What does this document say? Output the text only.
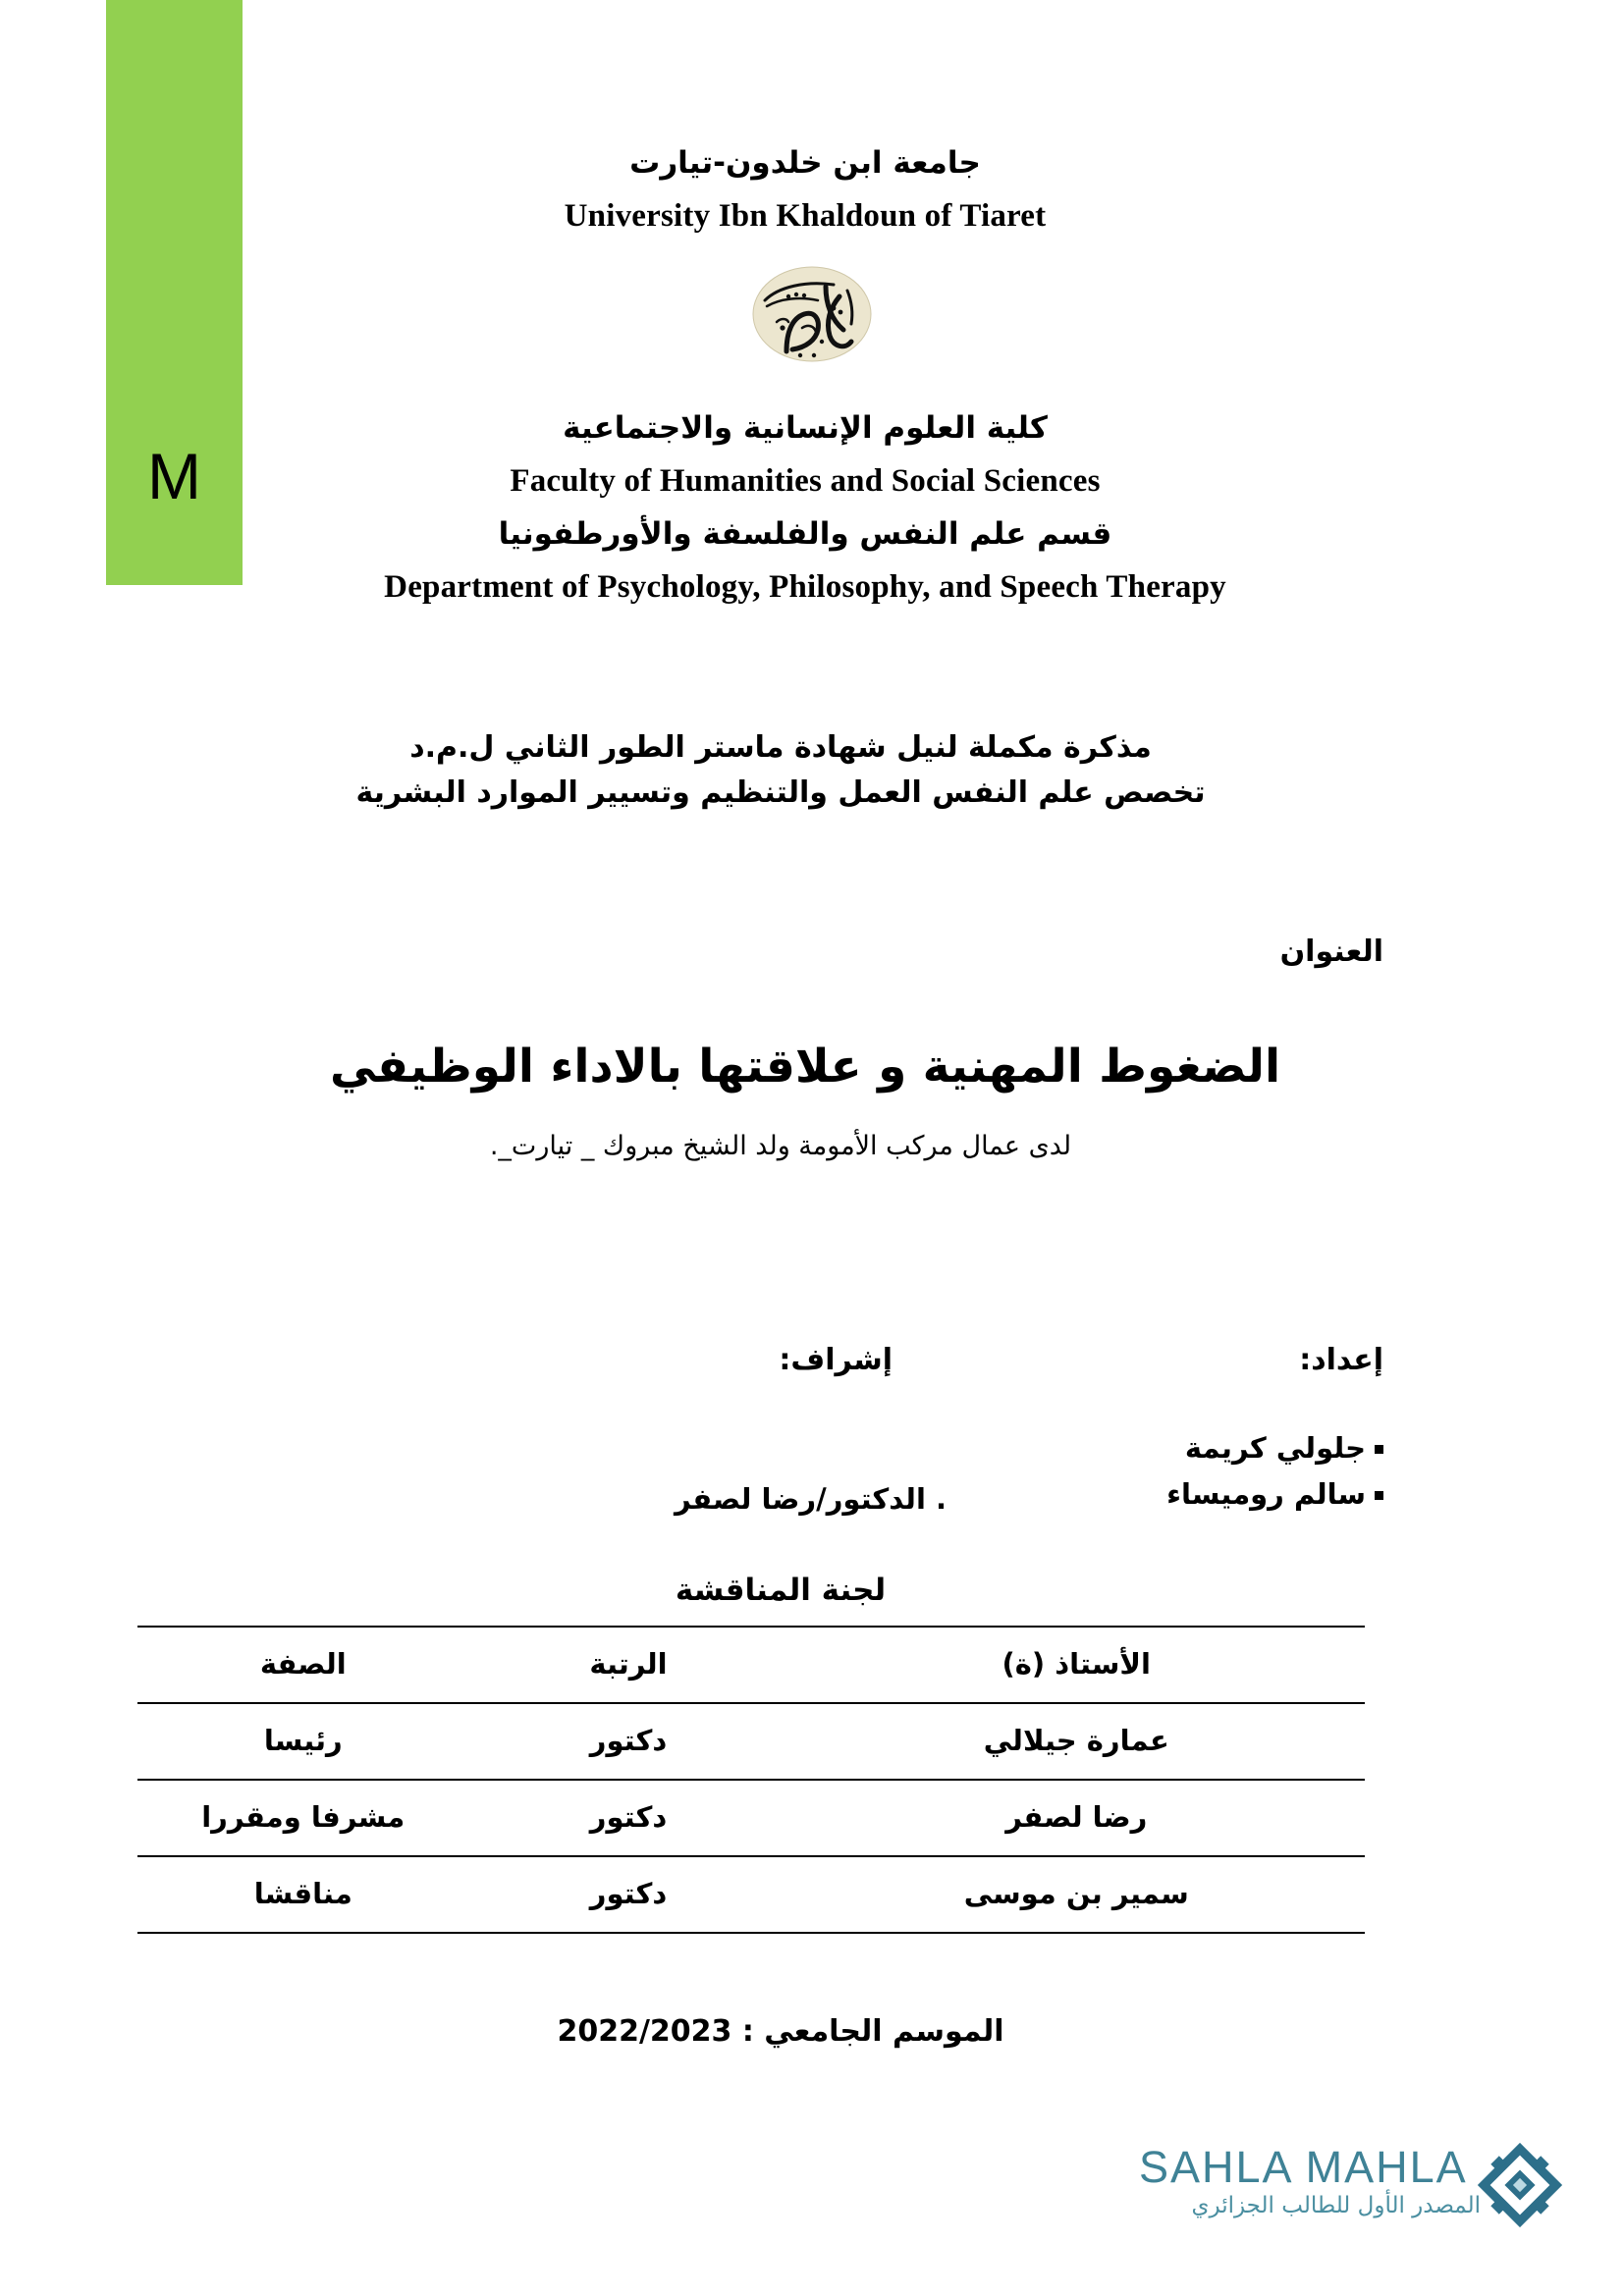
M
جامعة ابن خلدون-تيارت
University Ibn Khaldoun of Tiaret
كلية العلوم الإنسانية والاجتماعية
Faculty of Humanities and Social Sciences
قسم علم النفس والفلسفة والأورطفونيا
Department of Psychology, Philosophy, and Speech Therapy
مذكرة مكملة لنيل شهادة ماستر الطور الثاني ل.م.د
تخصص علم النفس العمل والتنظيم وتسيير الموارد البشرية
العنوان
الضغوط المهنية و علاقتها بالاداء الوظيفي
لدى عمال مركب الأمومة ولد الشيخ مبروك _ تيارت_.
إعداد:
إشراف:
جلولي كريمة
سالم روميساء
. الدكتور/رضا لصفر
لجنة المناقشة
الأستاذ (ة)	الرتبة	الصفة
عمارة جيلالي	دكتور	رئيسا
رضا لصفر	دكتور	مشرفا ومقررا
سمير بن موسى	دكتور	مناقشا
الموسم الجامعي : 2022/2023
SAHLA MAHLA
المصدر الأول للطالب الجزائري
